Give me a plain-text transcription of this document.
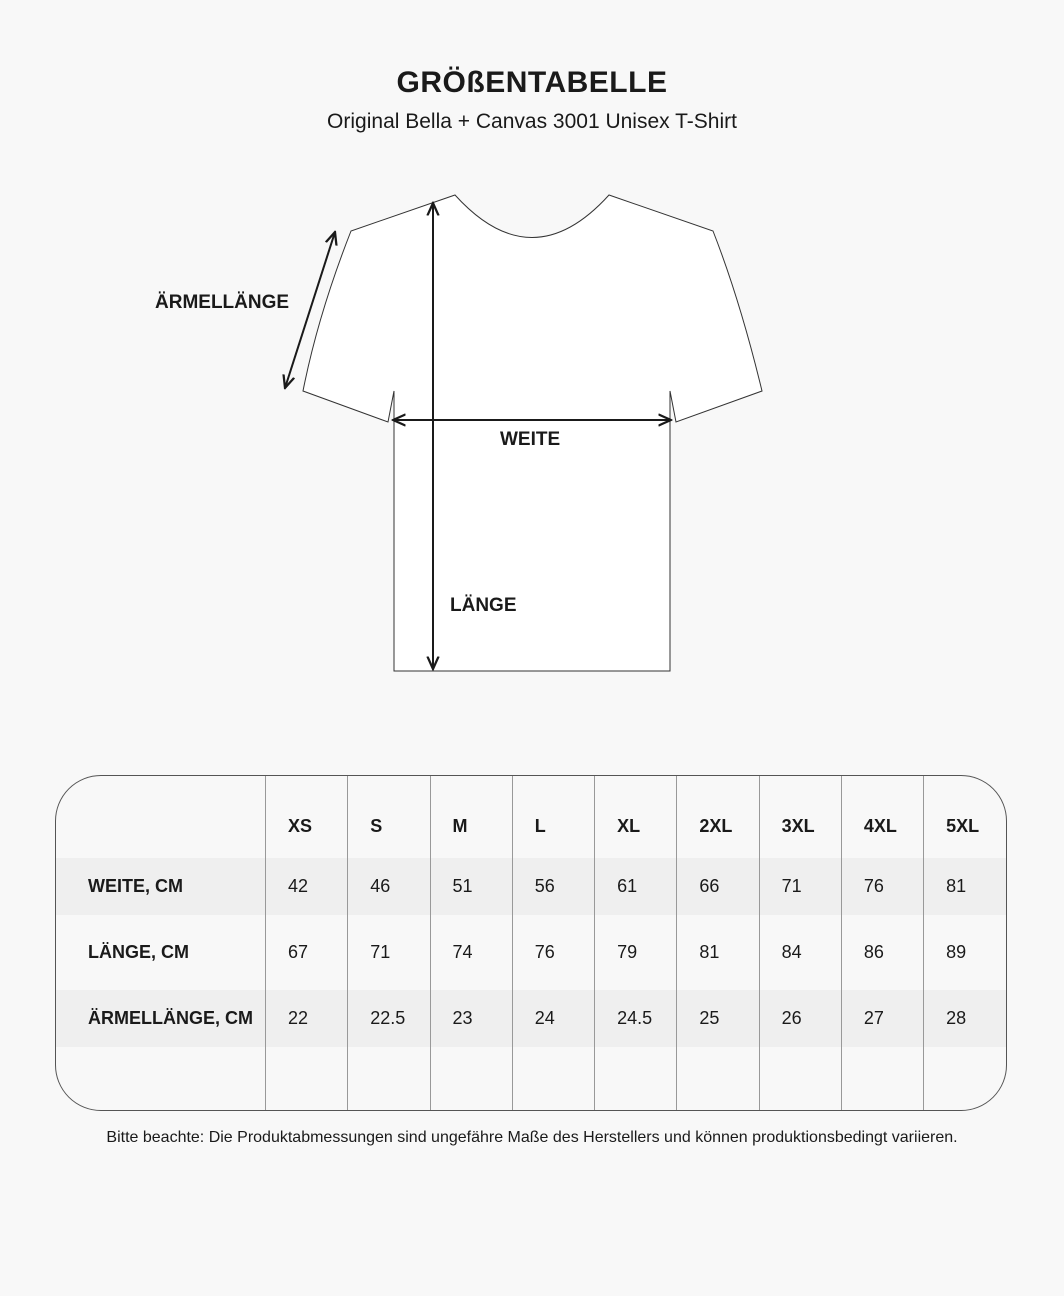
GRÖßENTABELLE

Original Bella + Canvas 3001 Unisex T-Shirt

ÄRMELLÄNGE
WEITE
LÄNGE
	XS	S	M	L	XL	2XL	3XL	4XL	5XL
WEITE, CM	42	46	51	56	61	66	71	76	81
LÄNGE, CM	67	71	74	76	79	81	84	86	89
ÄRMELLÄNGE, CM	22	22.5	23	24	24.5	25	26	27	28

Bitte beachte: Die Produktabmessungen sind ungefähre Maße des Herstellers und können produktionsbedingt variieren.
